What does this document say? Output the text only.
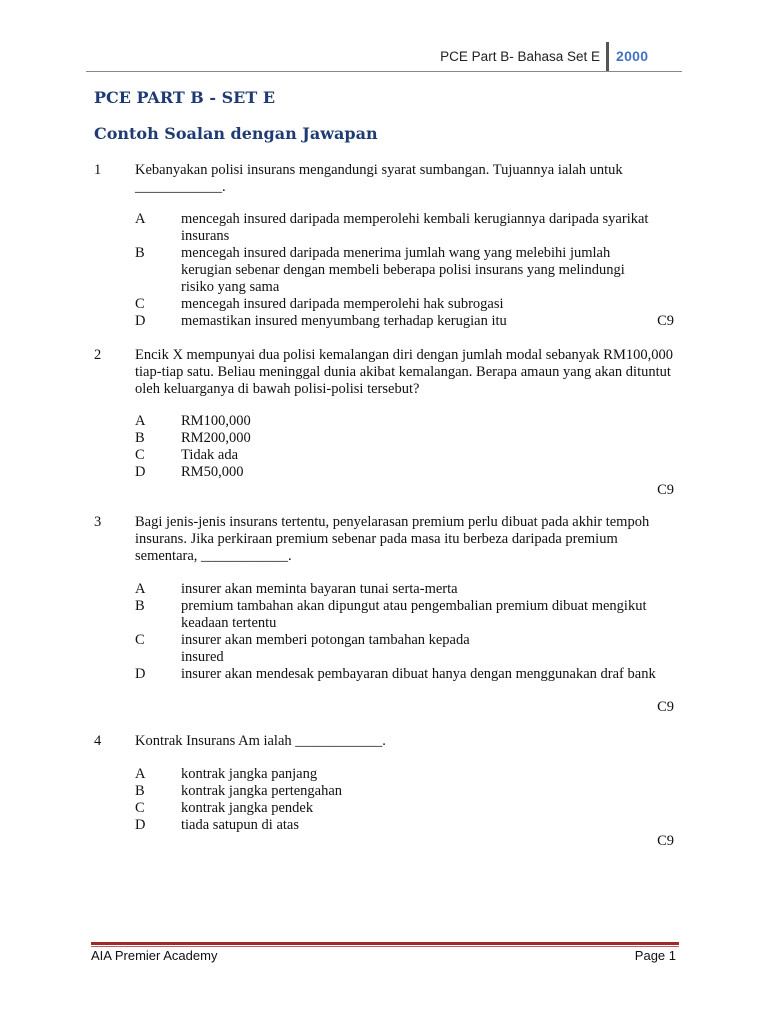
PCE Part B- Bahasa Set E 2000
PCE PART B - SET E
Contoh Soalan dengan Jawapan
1 Kebanyakan polisi insurans mengandungi syarat sumbangan. Tujuannya ialah untuk ____________.
A mencegah insured daripada memperolehi kembali kerugiannya daripada syarikat insurans
B	mencegah insured daripada menerima jumlah wang yang melebihi jumlah kerugian sebenar dengan membeli beberapa polisi insurans yang melindungi risiko yang sama
C	mencegah insured daripada memperolehi hak subrogasi
D memastikan insured menyumbang terhadap kerugian itu	C9
2 Encik X mempunyai dua polisi kemalangan diri dengan jumlah modal sebanyak RM100,000 tiap-tiap satu. Beliau meninggal dunia akibat kemalangan. Berapa amaun yang akan dituntut oleh keluarganya di bawah polisi-polisi tersebut?
A RM100,000
B	RM200,000
C	Tidak ada
D RM50,000
C9
3 Bagi jenis-jenis insurans tertentu, penyelarasan premium perlu dibuat pada akhir tempoh insurans. Jika perkiraan premium sebenar pada masa itu berbeza daripada premium sementara, ____________.
A insurer akan meminta bayaran tunai serta-merta
B	premium tambahan akan dipungut atau pengembalian premium dibuat mengikut keadaan tertentu
C	insurer akan memberi potongan tambahan kepada insured
D insurer akan mendesak pembayaran dibuat hanya dengan menggunakan draf bank
C9
4 Kontrak Insurans Am ialah ____________.
A kontrak jangka panjang
B	kontrak jangka pertengahan
C	kontrak jangka pendek
D tiada satupun di atas
C9
AIA Premier Academy	Page 1
